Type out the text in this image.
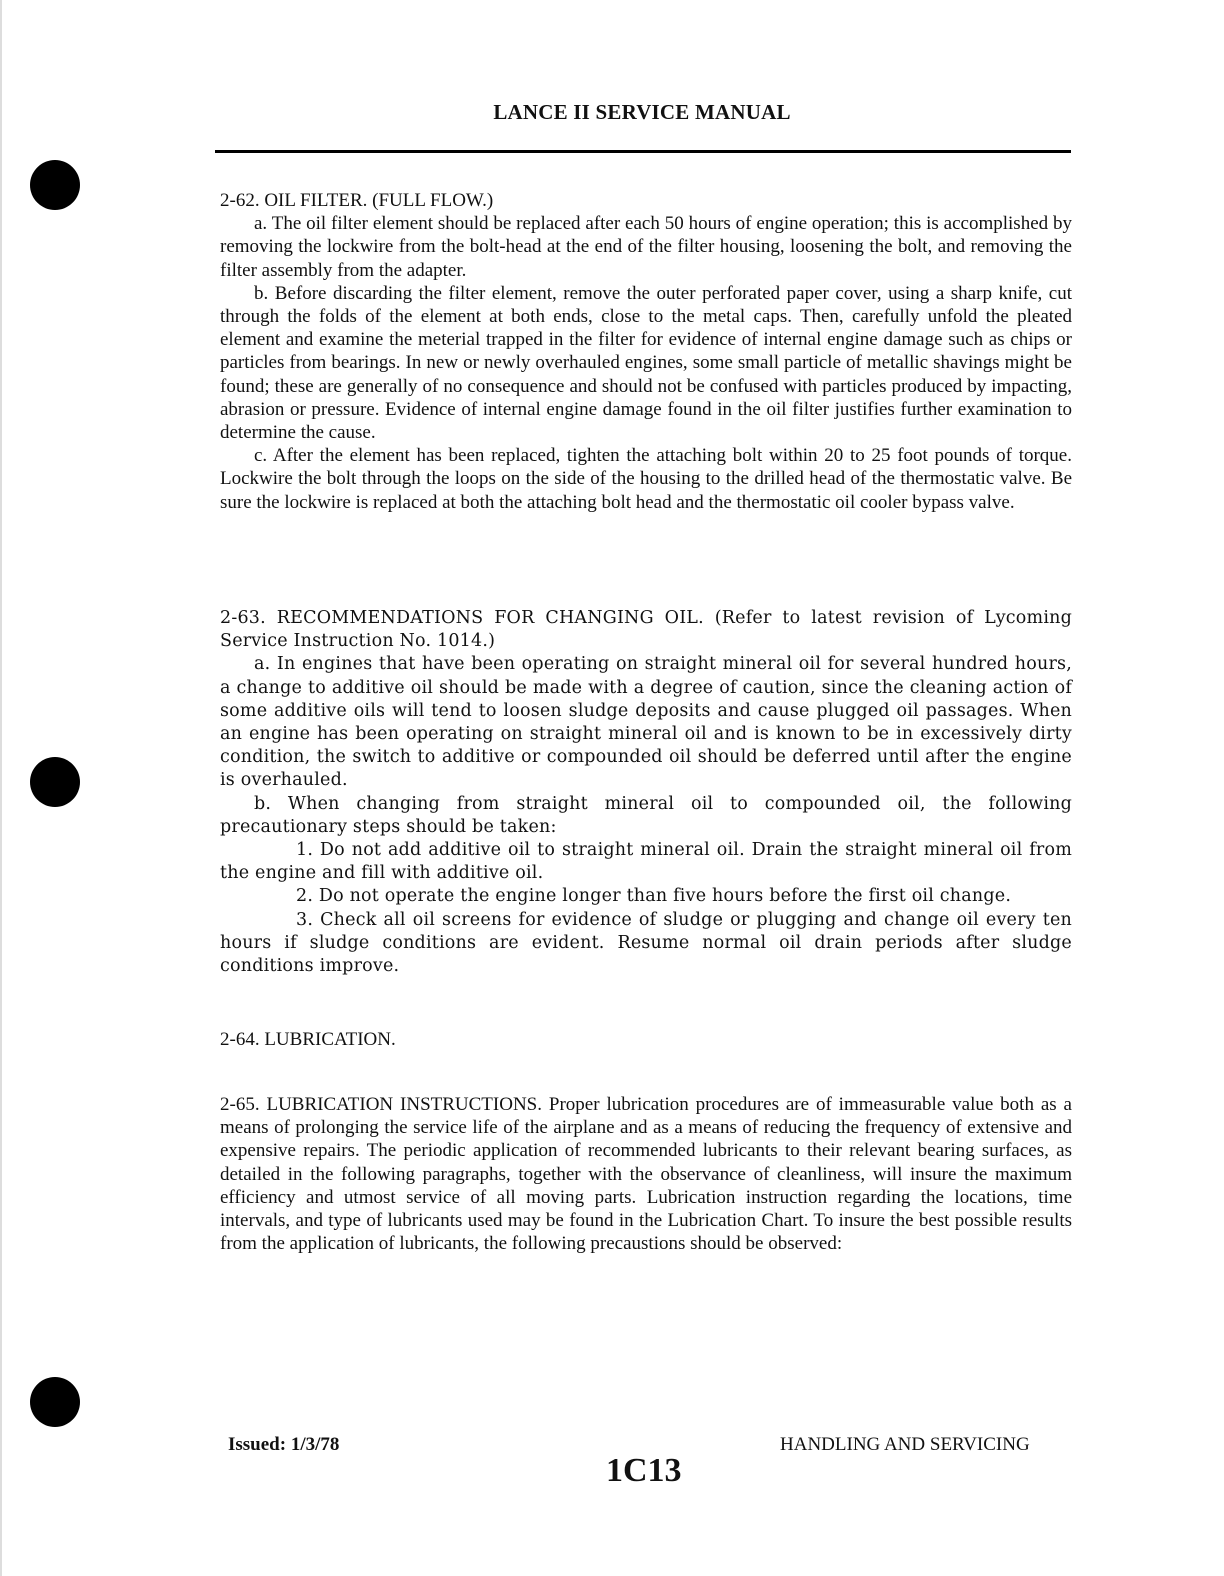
LANCE II SERVICE MANUAL

2-62. OIL FILTER. (FULL FLOW.)

a. The oil filter element should be replaced after each 50 hours of engine operation; this is accomplished by removing the lockwire from the bolt-head at the end of the filter housing, loosening the bolt, and removing the filter assembly from the adapter.

b. Before discarding the filter element, remove the outer perforated paper cover, using a sharp knife, cut through the folds of the element at both ends, close to the metal caps. Then, carefully unfold the pleated element and examine the meterial trapped in the filter for evidence of internal engine damage such as chips or particles from bearings. In new or newly overhauled engines, some small particle of metallic shavings might be found; these are generally of no consequence and should not be confused with particles produced by impacting, abrasion or pressure. Evidence of internal engine damage found in the oil filter justifies further examination to determine the cause.

c. After the element has been replaced, tighten the attaching bolt within 20 to 25 foot pounds of torque. Lockwire the bolt through the loops on the side of the housing to the drilled head of the thermostatic valve. Be sure the lockwire is replaced at both the attaching bolt head and the thermostatic oil cooler bypass valve.

2-63. RECOMMENDATIONS FOR CHANGING OIL. (Refer to latest revision of Lycoming Service Instruction No. 1014.)

a. In engines that have been operating on straight mineral oil for several hundred hours, a change to additive oil should be made with a degree of caution, since the cleaning action of some additive oils will tend to loosen sludge deposits and cause plugged oil passages. When an engine has been operating on straight mineral oil and is known to be in excessively dirty condition, the switch to additive or compounded oil should be deferred until after the engine is overhauled.

b. When changing from straight mineral oil to compounded oil, the following precautionary steps should be taken:

1. Do not add additive oil to straight mineral oil. Drain the straight mineral oil from the engine and fill with additive oil.

2. Do not operate the engine longer than five hours before the first oil change.

3. Check all oil screens for evidence of sludge or plugging and change oil every ten hours if sludge conditions are evident. Resume normal oil drain periods after sludge conditions improve.

2-64. LUBRICATION.

2-65. LUBRICATION INSTRUCTIONS. Proper lubrication procedures are of immeasurable value both as a means of prolonging the service life of the airplane and as a means of reducing the frequency of extensive and expensive repairs. The periodic application of recommended lubricants to their relevant bearing surfaces, as detailed in the following paragraphs, together with the observance of cleanliness, will insure the maximum efficiency and utmost service of all moving parts. Lubrication instruction regarding the locations, time intervals, and type of lubricants used may be found in the Lubrication Chart. To insure the best possible results from the application of lubricants, the following precaustions should be observed:

Issued: 1/3/78	HANDLING AND SERVICING
1C13
